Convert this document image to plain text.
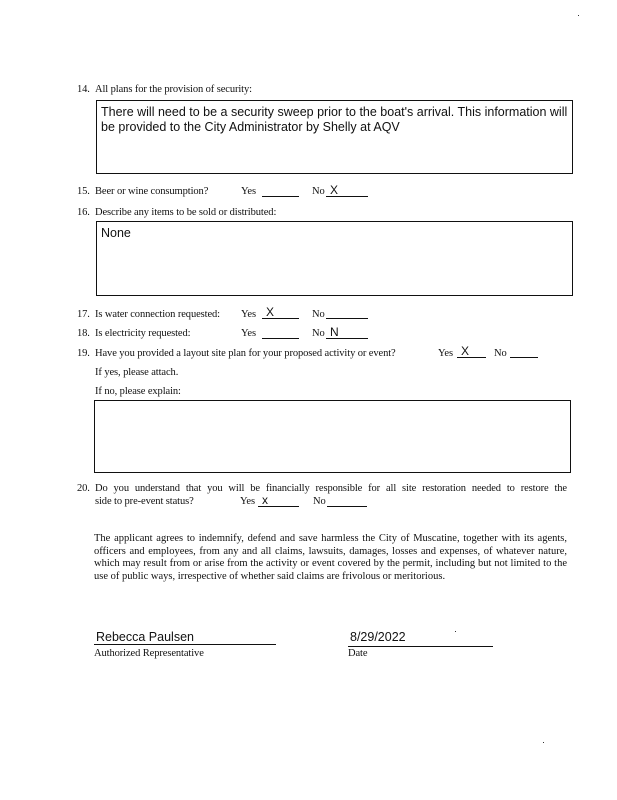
14. All plans for the provision of security:
There will need to be a security sweep prior to the boat's arrival. This information will be provided to the City Administrator by Shelly at AQV
15. Beer or wine consumption?	Yes	No X
16. Describe any items to be sold or distributed:
None
17. Is water connection requested: Yes X	No
18. Is electricity requested:	Yes	No N
19. Have you provided a layout site plan for your proposed activity or event?	Yes X	No
If yes, please attach.
If no, please explain:
20. Do you understand that you will be financially responsible for all site restoration needed to restore the
side to pre-event status?	Yes x	No
The applicant agrees to indemnify, defend and save harmless the City of Muscatine, together with its agents, officers and employees, from any and all claims, lawsuits, damages, losses and expenses, of whatever nature, which may result from or arise from the activity or event covered by the permit, including but not limited to the use of public ways, irrespective of whether said claims are frivolous or meritorious.
Rebecca Paulsen
Authorized Representative
8/29/2022
Date
